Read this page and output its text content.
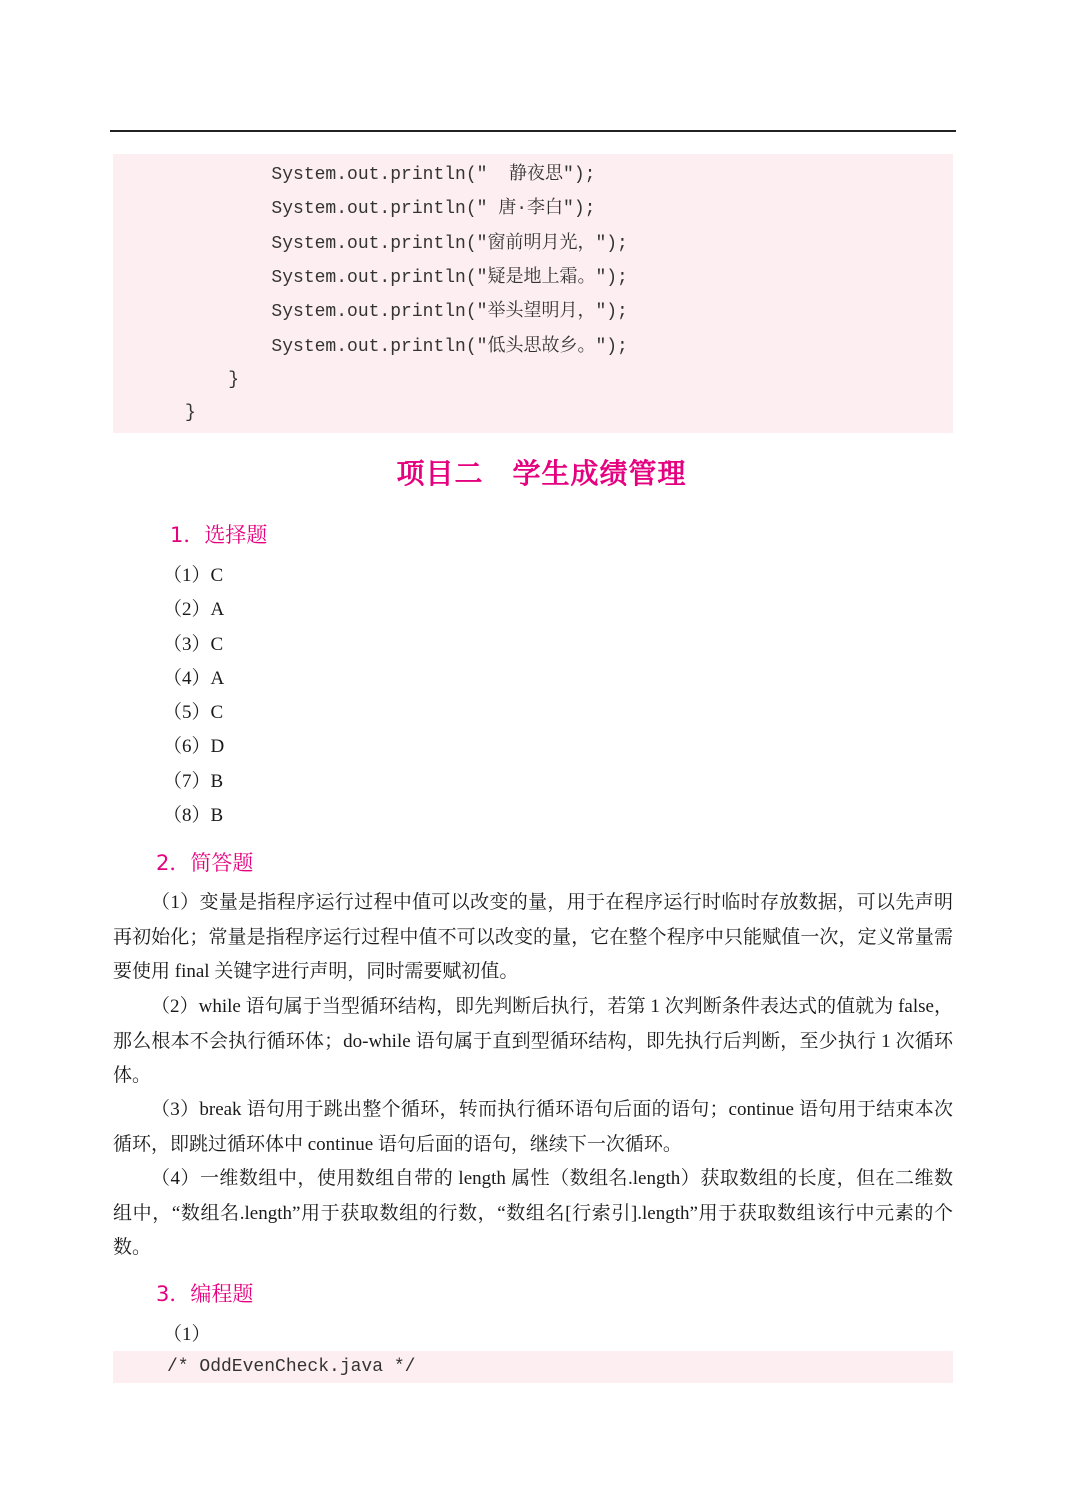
System.out.println("  静夜思");
System.out.println(" 唐·李白");
System.out.println("窗前明月光，");
System.out.println("疑是地上霜。");
System.out.println("举头望明月，");
System.out.println("低头思故乡。");
}
}
项目二　学生成绩管理
1．选择题
（1）C
（2）A
（3）C
（4）A
（5）C
（6）D
（7）B
（8）B
2．简答题

（1）变量是指程序运行过程中值可以改变的量，用于在程序运行时临时存放数据，可以先声明再初始化；常量是指程序运行过程中值不可以改变的量，它在整个程序中只能赋值一次，定义常量需要使用 final 关键字进行声明，同时需要赋初值。

（2）while 语句属于当型循环结构，即先判断后执行，若第 1 次判断条件表达式的值就为 false，那么根本不会执行循环体；do-while 语句属于直到型循环结构，即先执行后判断，至少执行 1 次循环体。

（3）break 语句用于跳出整个循环，转而执行循环语句后面的语句；continue 语句用于结束本次循环，即跳过循环体中 continue 语句后面的语句，继续下一次循环。

（4）一维数组中，使用数组自带的 length 属性（数组名.length）获取数组的长度，但在二维数组中，“数组名.length”用于获取数组的行数，“数组名[行索引].length”用于获取数组该行中元素的个数。

3．编程题
（1）
/* OddEvenCheck.java */
